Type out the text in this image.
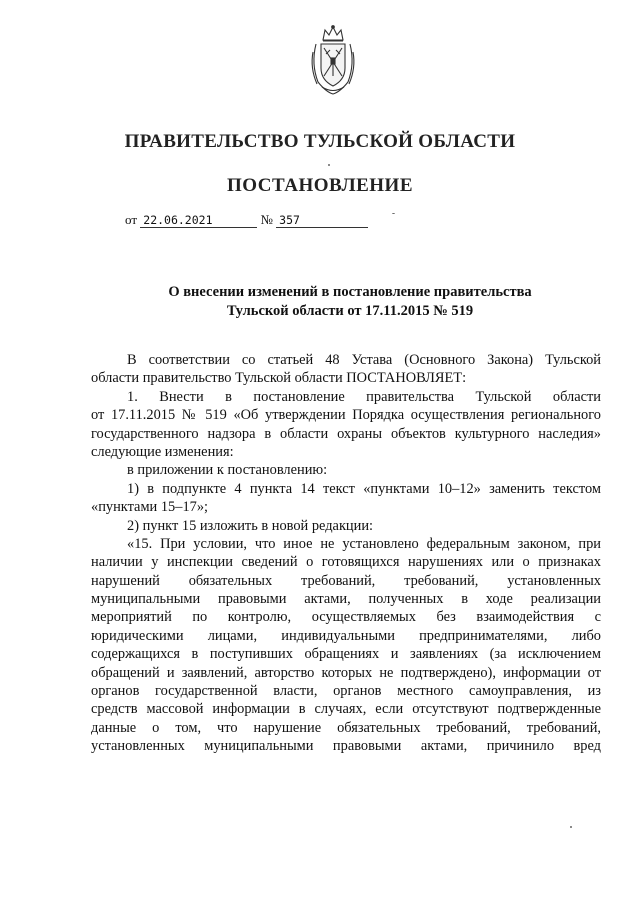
ПРАВИТЕЛЬСТВО ТУЛЬСКОЙ ОБЛАСТИ
ПОСТАНОВЛЕНИЕ
от 22.06.2021	№ 357
О внесении изменений в постановление правительства
Тульской области от 17.11.2015 № 519
В соответствии со статьей 48 Устава (Основного Закона) Тульской
области правительство Тульской области ПОСТАНОВЛЯЕТ:
1. Внести в постановление правительства Тульской области
от 17.11.2015 № 519 «Об утверждении Порядка осуществления регионального
государственного надзора в области охраны объектов культурного наследия»
следующие изменения:
в приложении к постановлению:
1) в подпункте 4 пункта 14 текст «пунктами 10–12» заменить текстом
«пунктами 15–17»;
2) пункт 15 изложить в новой редакции:
«15. При условии, что иное не установлено федеральным законом, при
наличии у инспекции сведений о готовящихся нарушениях или о признаках
нарушений обязательных требований, требований, установленных
муниципальными правовыми актами, полученных в ходе реализации
мероприятий по контролю, осуществляемых без взаимодействия с
юридическими лицами, индивидуальными предпринимателями, либо
содержащихся в поступивших обращениях и заявлениях (за исключением
обращений и заявлений, авторство которых не подтверждено), информации от
органов государственной власти, органов местного самоуправления, из
средств массовой информации в случаях, если отсутствуют подтвержденные
данные о том, что нарушение обязательных требований, требований,
установленных муниципальными правовыми актами, причинило вред
